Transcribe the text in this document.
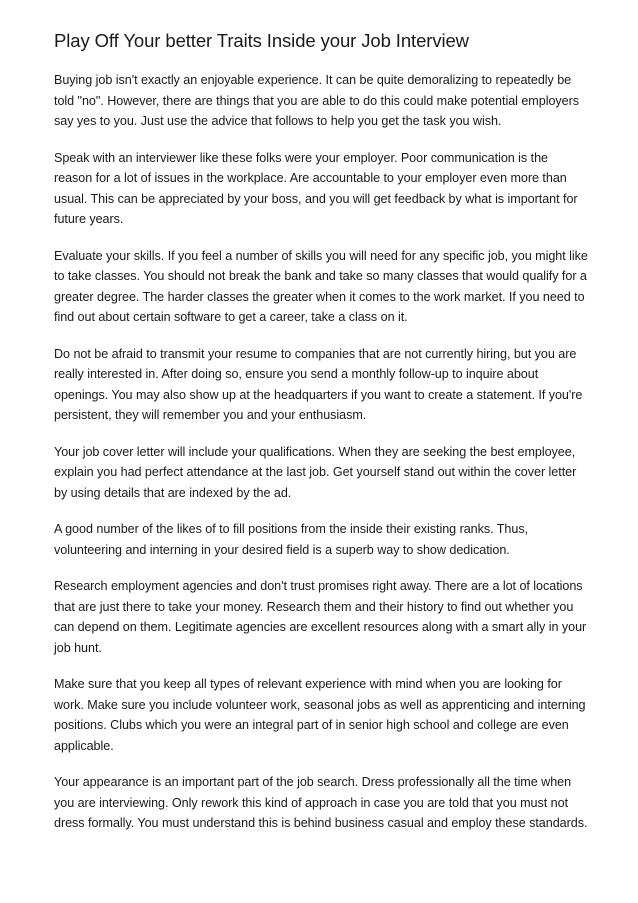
Play Off Your better Traits Inside your Job Interview

Buying job isn't exactly an enjoyable experience. It can be quite demoralizing to repeatedly be told "no". However, there are things that you are able to do this could make potential employers say yes to you. Just use the advice that follows to help you get the task you wish.

Speak with an interviewer like these folks were your employer. Poor communication is the reason for a lot of issues in the workplace. Are accountable to your employer even more than usual. This can be appreciated by your boss, and you will get feedback by what is important for future years.

Evaluate your skills. If you feel a number of skills you will need for any specific job, you might like to take classes. You should not break the bank and take so many classes that would qualify for a greater degree. The harder classes the greater when it comes to the work market. If you need to find out about certain software to get a career, take a class on it.

Do not be afraid to transmit your resume to companies that are not currently hiring, but you are really interested in. After doing so, ensure you send a monthly follow-up to inquire about openings. You may also show up at the headquarters if you want to create a statement. If you're persistent, they will remember you and your enthusiasm.

Your job cover letter will include your qualifications. When they are seeking the best employee, explain you had perfect attendance at the last job. Get yourself stand out within the cover letter by using details that are indexed by the ad.

A good number of the likes of to fill positions from the inside their existing ranks. Thus, volunteering and interning in your desired field is a superb way to show dedication.

Research employment agencies and don't trust promises right away. There are a lot of locations that are just there to take your money. Research them and their history to find out whether you can depend on them. Legitimate agencies are excellent resources along with a smart ally in your job hunt.

Make sure that you keep all types of relevant experience with mind when you are looking for work. Make sure you include volunteer work, seasonal jobs as well as apprenticing and interning positions. Clubs which you were an integral part of in senior high school and college are even applicable.

Your appearance is an important part of the job search. Dress professionally all the time when you are interviewing. Only rework this kind of approach in case you are told that you must not dress formally. You must understand this is behind business casual and employ these standards.
